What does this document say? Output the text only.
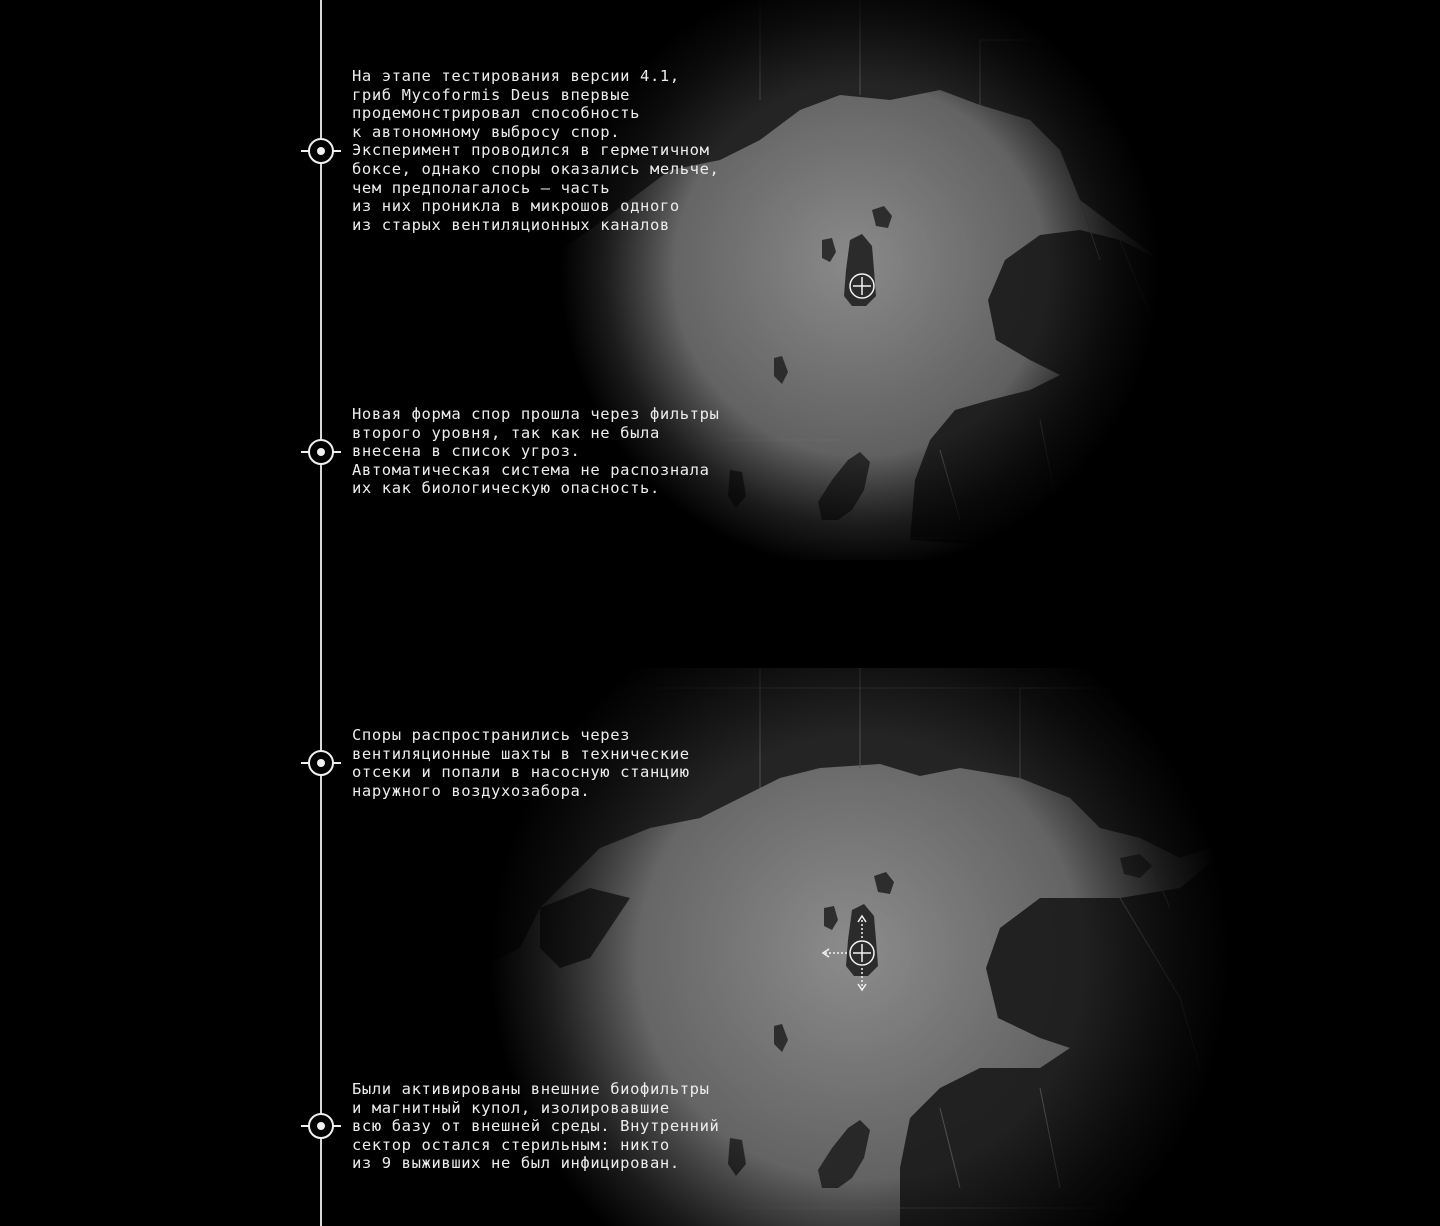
На этапе тестирования версии 4.1,
гриб Mycoformis Deus впервые
продемонстрировал способность
к автономному выбросу спор.
Эксперимент проводился в герметичном
боксе, однако споры оказались мельче,
чем предполагалось — часть
из них проникла в микрошов одного
из старых вентиляционных каналов

Новая форма спор прошла через фильтры
второго уровня, так как не была
внесена в список угроз.
Автоматическая система не распознала
их как биологическую опасность.

Споры распространились через
вентиляционные шахты в технические
отсеки и попали в насосную станцию
наружного воздухозабора.

Были активированы внешние биофильтры
и магнитный купол, изолировавшие
всю базу от внешней среды. Внутренний
сектор остался стерильным: никто
из 9 выживших не был инфицирован.
